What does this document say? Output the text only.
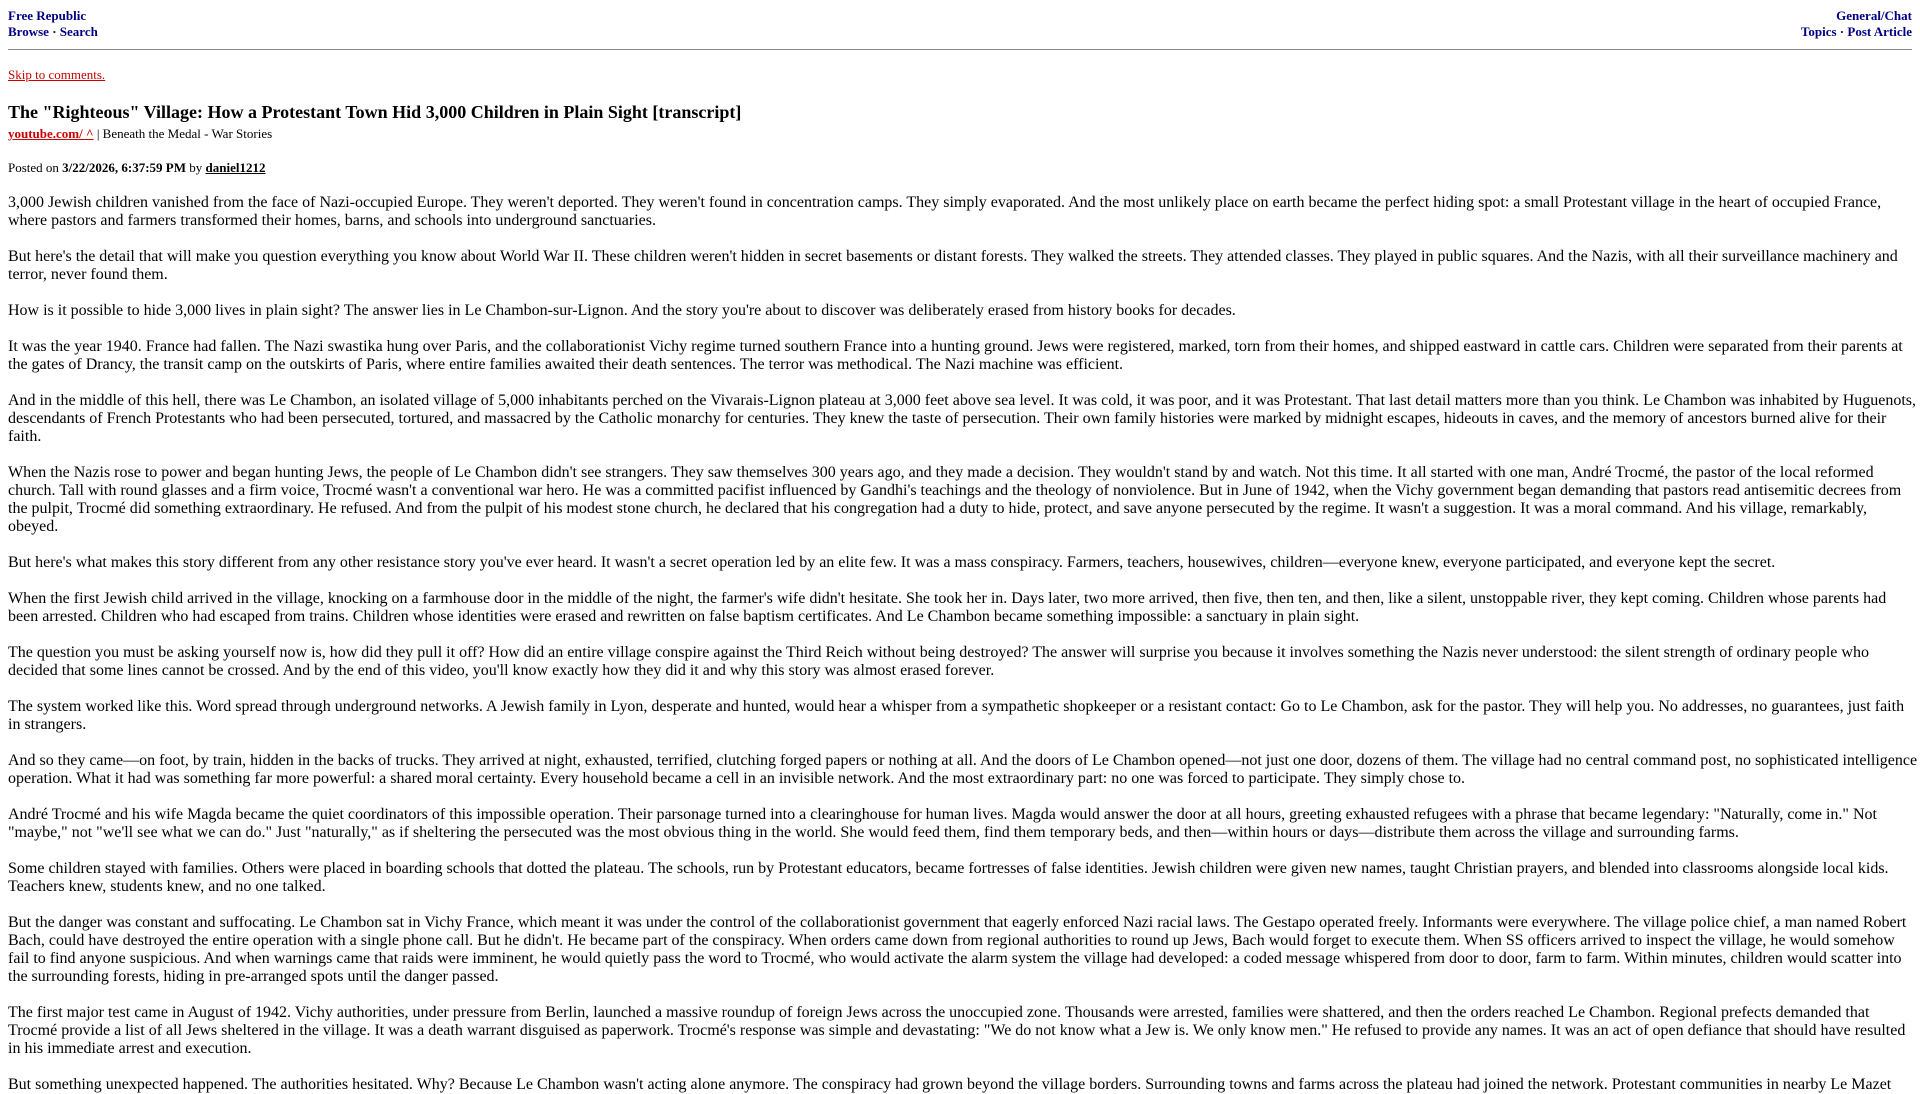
Free Republic
Browse · Search
General/Chat
Topics · Post Article
Skip to comments.
The "Righteous" Village: How a Protestant Town Hid 3,000 Children in Plain Sight [transcript]
youtube.com/ ^ | Beneath the Medal - War Stories
Posted on 3/22/2026, 6:37:59 PM by daniel1212

3,000 Jewish children vanished from the face of Nazi-occupied Europe. They weren't deported. They weren't found in concentration camps. They simply evaporated. And the most unlikely place on earth became the perfect hiding spot: a small Protestant village in the heart of occupied France, where pastors and farmers transformed their homes, barns, and schools into underground sanctuaries.

But here's the detail that will make you question everything you know about World War II. These children weren't hidden in secret basements or distant forests. They walked the streets. They attended classes. They played in public squares. And the Nazis, with all their surveillance machinery and terror, never found them.

How is it possible to hide 3,000 lives in plain sight? The answer lies in Le Chambon-sur-Lignon. And the story you're about to discover was deliberately erased from history books for decades.

It was the year 1940. France had fallen. The Nazi swastika hung over Paris, and the collaborationist Vichy regime turned southern France into a hunting ground. Jews were registered, marked, torn from their homes, and shipped eastward in cattle cars. Children were separated from their parents at the gates of Drancy, the transit camp on the outskirts of Paris, where entire families awaited their death sentences. The terror was methodical. The Nazi machine was efficient.

And in the middle of this hell, there was Le Chambon, an isolated village of 5,000 inhabitants perched on the Vivarais-Lignon plateau at 3,000 feet above sea level. It was cold, it was poor, and it was Protestant. That last detail matters more than you think. Le Chambon was inhabited by Huguenots, descendants of French Protestants who had been persecuted, tortured, and massacred by the Catholic monarchy for centuries. They knew the taste of persecution. Their own family histories were marked by midnight escapes, hideouts in caves, and the memory of ancestors burned alive for their faith.

When the Nazis rose to power and began hunting Jews, the people of Le Chambon didn't see strangers. They saw themselves 300 years ago, and they made a decision. They wouldn't stand by and watch. Not this time. It all started with one man, André Trocmé, the pastor of the local reformed church. Tall with round glasses and a firm voice, Trocmé wasn't a conventional war hero. He was a committed pacifist influenced by Gandhi's teachings and the theology of nonviolence. But in June of 1942, when the Vichy government began demanding that pastors read antisemitic decrees from the pulpit, Trocmé did something extraordinary. He refused. And from the pulpit of his modest stone church, he declared that his congregation had a duty to hide, protect, and save anyone persecuted by the regime. It wasn't a suggestion. It was a moral command. And his village, remarkably, obeyed.

But here's what makes this story different from any other resistance story you've ever heard. It wasn't a secret operation led by an elite few. It was a mass conspiracy. Farmers, teachers, housewives, children—everyone knew, everyone participated, and everyone kept the secret.

When the first Jewish child arrived in the village, knocking on a farmhouse door in the middle of the night, the farmer's wife didn't hesitate. She took her in. Days later, two more arrived, then five, then ten, and then, like a silent, unstoppable river, they kept coming. Children whose parents had been arrested. Children who had escaped from trains. Children whose identities were erased and rewritten on false baptism certificates. And Le Chambon became something impossible: a sanctuary in plain sight.

The question you must be asking yourself now is, how did they pull it off? How did an entire village conspire against the Third Reich without being destroyed? The answer will surprise you because it involves something the Nazis never understood: the silent strength of ordinary people who decided that some lines cannot be crossed. And by the end of this video, you'll know exactly how they did it and why this story was almost erased forever.

The system worked like this. Word spread through underground networks. A Jewish family in Lyon, desperate and hunted, would hear a whisper from a sympathetic shopkeeper or a resistant contact: Go to Le Chambon, ask for the pastor. They will help you. No addresses, no guarantees, just faith in strangers.

And so they came—on foot, by train, hidden in the backs of trucks. They arrived at night, exhausted, terrified, clutching forged papers or nothing at all. And the doors of Le Chambon opened—not just one door, dozens of them. The village had no central command post, no sophisticated intelligence operation. What it had was something far more powerful: a shared moral certainty. Every household became a cell in an invisible network. And the most extraordinary part: no one was forced to participate. They simply chose to.

André Trocmé and his wife Magda became the quiet coordinators of this impossible operation. Their parsonage turned into a clearinghouse for human lives. Magda would answer the door at all hours, greeting exhausted refugees with a phrase that became legendary: "Naturally, come in." Not "maybe," not "we'll see what we can do." Just "naturally," as if sheltering the persecuted was the most obvious thing in the world. She would feed them, find them temporary beds, and then—within hours or days—distribute them across the village and surrounding farms.

Some children stayed with families. Others were placed in boarding schools that dotted the plateau. The schools, run by Protestant educators, became fortresses of false identities. Jewish children were given new names, taught Christian prayers, and blended into classrooms alongside local kids. Teachers knew, students knew, and no one talked.

But the danger was constant and suffocating. Le Chambon sat in Vichy France, which meant it was under the control of the collaborationist government that eagerly enforced Nazi racial laws. The Gestapo operated freely. Informants were everywhere. The village police chief, a man named Robert Bach, could have destroyed the entire operation with a single phone call. But he didn't. He became part of the conspiracy. When orders came down from regional authorities to round up Jews, Bach would forget to execute them. When SS officers arrived to inspect the village, he would somehow fail to find anyone suspicious. And when warnings came that raids were imminent, he would quietly pass the word to Trocmé, who would activate the alarm system the village had developed: a coded message whispered from door to door, farm to farm. Within minutes, children would scatter into the surrounding forests, hiding in pre-arranged spots until the danger passed.

The first major test came in August of 1942. Vichy authorities, under pressure from Berlin, launched a massive roundup of foreign Jews across the unoccupied zone. Thousands were arrested, families were shattered, and then the orders reached Le Chambon. Regional prefects demanded that Trocmé provide a list of all Jews sheltered in the village. It was a death warrant disguised as paperwork. Trocmé's response was simple and devastating: "We do not know what a Jew is. We only know men." He refused to provide any names. It was an act of open defiance that should have resulted in his immediate arrest and execution.

But something unexpected happened. The authorities hesitated. Why? Because Le Chambon wasn't acting alone anymore. The conspiracy had grown beyond the village borders. Surrounding towns and farms across the plateau had joined the network. Protestant communities in nearby Le Mazet
